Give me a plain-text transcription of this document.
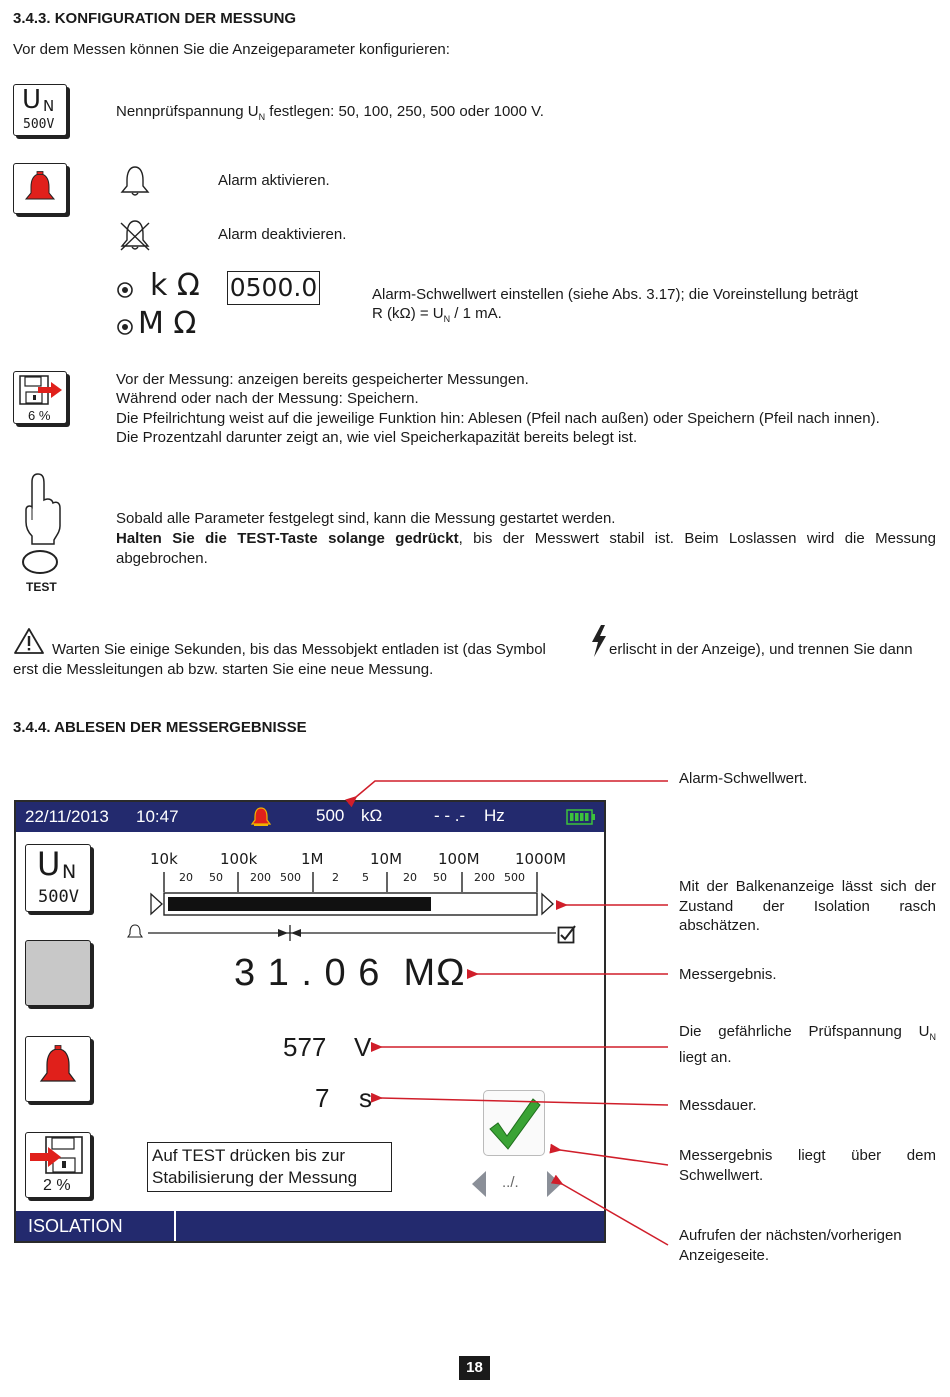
3.4.3. KONFIGURATION DER MESSUNG
Vor dem Messen können Sie die Anzeigeparameter konfigurieren:
U N
500V
Nennprüfspannung $U_N$ festlegen: 50, 100, 250, 500 oder 1000 V.
Alarm aktivieren.
Alarm deaktivieren.
k Ω
M Ω
0500.0	Alarm-Schwellwert einstellen (siehe Abs. 3.17); die Voreinstellung beträgt
R $(k\Omega) = U_N / 1$ mA.
6 %
Vor der Messung: anzeigen bereits gespeicherter Messungen.
Während oder nach der Messung: Speichern.
Die Pfeilrichtung weist auf die jeweilige Funktion hin: Ablesen (Pfeil nach außen) oder Speichern (Pfeil nach innen).
Die Prozentzahl darunter zeigt an, wie viel Speicherkapazität bereits belegt ist.
TEST
Sobald alle Parameter festgelegt sind, kann die Messung gestartet werden.
Halten Sie die TEST-Taste solange gedrückt, bis der Messwert stabil ist. Beim Loslassen wird die Messung abgebrochen.
Warten Sie einige Sekunden, bis das Messobjekt entladen ist (das Symbol	erlischt in der Anzeige), und trennen Sie dann
erst die Messleitungen ab bzw. starten Sie eine neue Messung.
3.4.4. ABLESEN DER MESSERGEBNISSE
22/11/2013 10:47	500 kΩ	- - .- Hz
U N
500V
2 %
10k	100k	1M	10M 100M 1000M
20 50 200 500	2 5	20 50 200 500
3 1 . 0 6  MΩ
577 V
7 s
Auf TEST drücken bis zur
Stabilisierung der Messung	../.
ISOLATION
Alarm-Schwellwert.
Mit der Balkenanzeige lässt sich der Zustand der Isolation rasch abschätzen.
Messergebnis.
Die gefährliche Prüfspannung $U_N$
liegt an.
Messdauer.
Messergebnis liegt über dem Schwellwert.
Aufrufen der nächsten/vorherigen Anzeigeseite.
18
